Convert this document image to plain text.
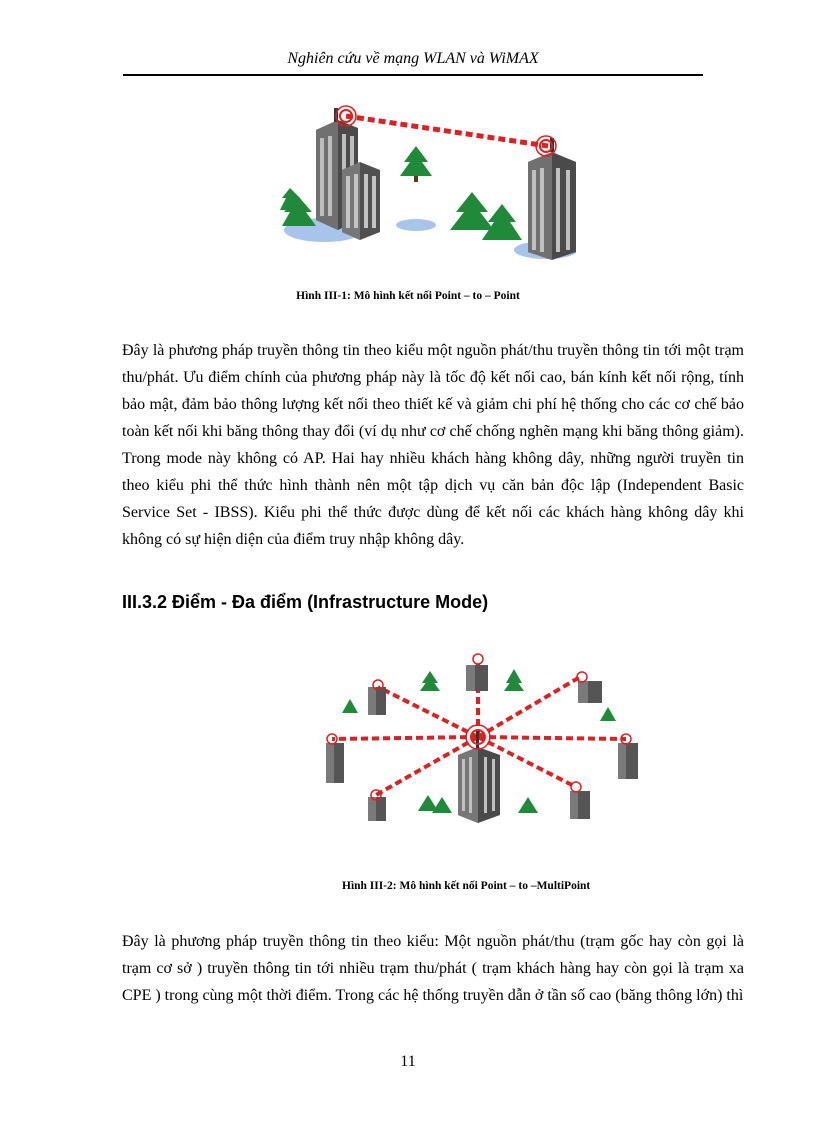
Nghiên cứu về mạng WLAN và WiMAX
Hình III-1: Mô hình kết nối Point – to – Point

Đây là phương pháp truyền thông tin theo kiểu một nguồn phát/thu truyền thông tin tới một trạm thu/phát. Ưu điểm chính của phương pháp này là tốc độ kết nối cao, bán kính kết nối rộng, tính bảo mật, đảm bảo thông lượng kết nối theo thiết kế và giảm chi phí hệ thống cho các cơ chế bảo toàn kết nối khi băng thông thay đổi (ví dụ như cơ chế chống nghẽn mạng khi băng thông giảm). Trong mode này không có AP. Hai hay nhiều khách hàng không dây, những người truyền tin theo kiểu phi thể thức hình thành nên một tập dịch vụ căn bản độc lập (Independent Basic Service Set - IBSS). Kiểu phi thể thức được dùng để kết nối các khách hàng không dây khi không có sự hiện diện của điểm truy nhập không dây.

III.3.2 Điểm - Đa điểm (Infrastructure Mode)
Hình III-2: Mô hình kết nối Point – to –MultiPoint

Đây là phương pháp truyền thông tin theo kiểu: Một nguồn phát/thu (trạm gốc hay còn gọi là trạm cơ sở ) truyền thông tin tới nhiều trạm thu/phát ( trạm khách hàng hay còn gọi là trạm xa CPE ) trong cùng một thời điểm. Trong các hệ thống truyền dẫn ở tần số cao (băng thông lớn) thì

11
